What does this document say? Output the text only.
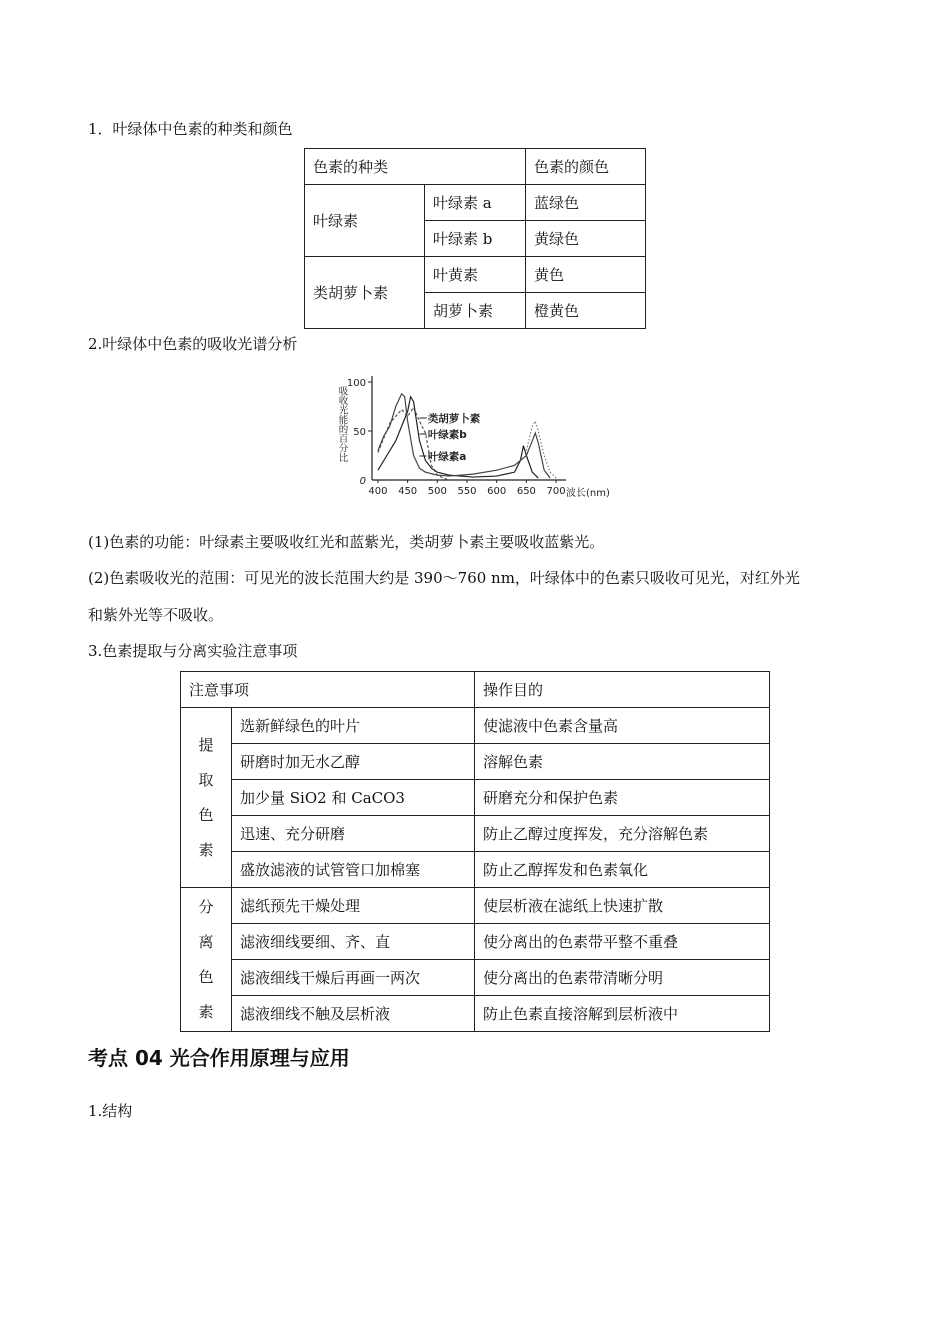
1．叶绿体中色素的种类和颜色
色素的种类		色素的颜色
叶绿素	叶绿素 a	蓝绿色
	叶绿素 b	黄绿色
类胡萝卜素	叶黄素	黄色
	胡萝卜素	橙黄色
2.叶绿体中色素的吸收光谱分析
0
50
100
400 450 500 550 600 650 700 波长(nm)
吸收光能的百分比	类胡萝卜素
叶绿素b
叶绿素a
(1)色素的功能：叶绿素主要吸收红光和蓝紫光，类胡萝卜素主要吸收蓝紫光。
(2)色素吸收光的范围：可见光的波长范围大约是 390～760 nm，叶绿体中的色素只吸收可见光，对红外光
和紫外光等不吸收。
3.色素提取与分离实验注意事项
注意事项		操作目的

提
取
色
素	选新鲜绿色的叶片	使滤液中色素含量高
	研磨时加无水乙醇	溶解色素
	加少量 SiO2 和 CaCO3	研磨充分和保护色素
	迅速、充分研磨	防止乙醇过度挥发，充分溶解色素
	盛放滤液的试管管口加棉塞	防止乙醇挥发和色素氧化

分
离
色
素	滤纸预先干燥处理	使层析液在滤纸上快速扩散
	滤液细线要细、齐、直	使分离出的色素带平整不重叠
	滤液细线干燥后再画一两次	使分离出的色素带清晰分明
	滤液细线不触及层析液	防止色素直接溶解到层析液中
考点 04 光合作用原理与应用
1.结构
